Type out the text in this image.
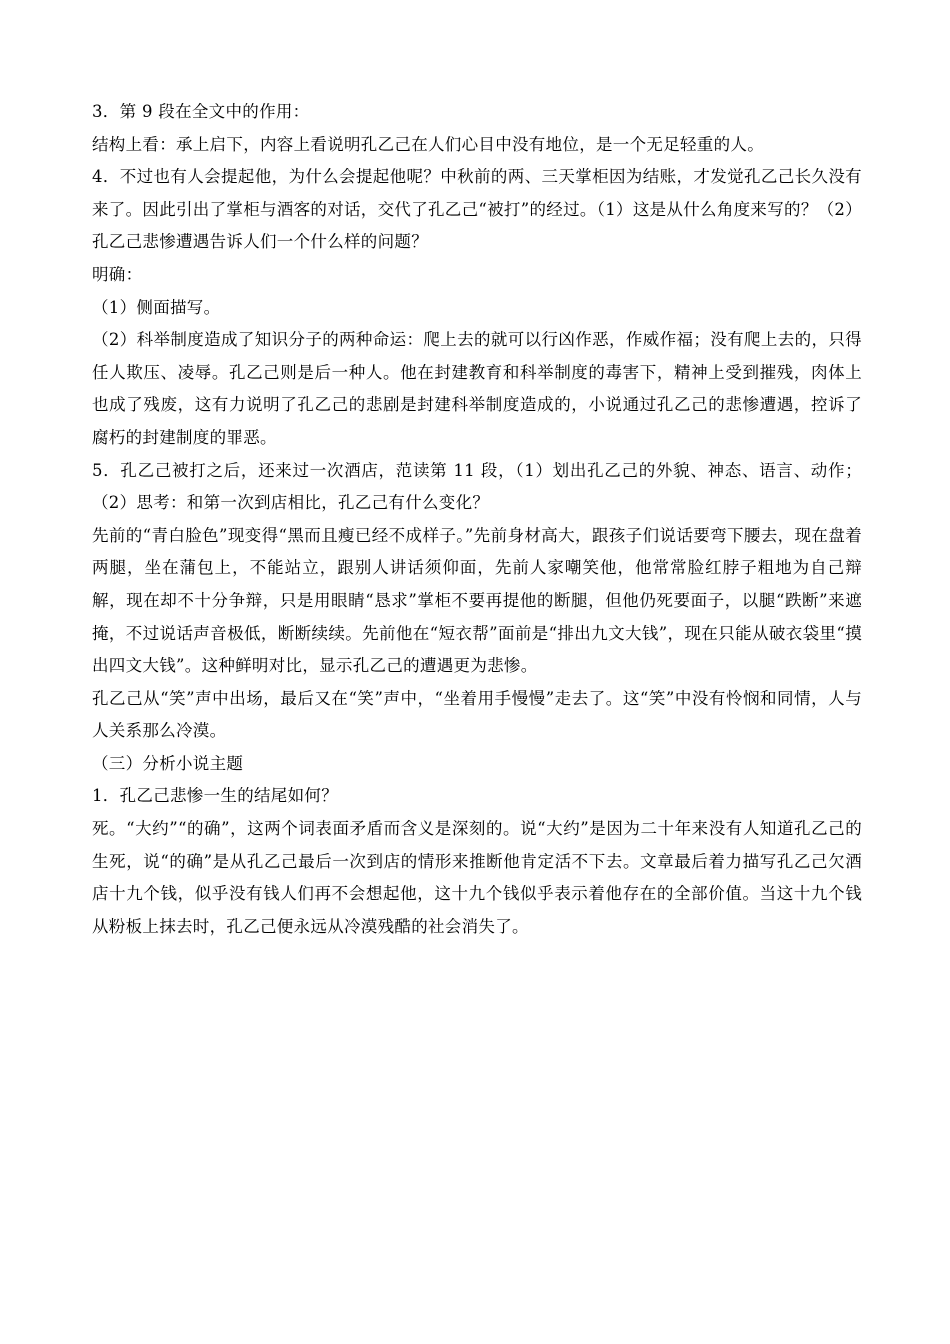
3．第 9 段在全文中的作用：

结构上看：承上启下，内容上看说明孔乙己在人们心目中没有地位，是一个无足轻重的人。

4．不过也有人会提起他，为什么会提起他呢？中秋前的两、三天掌柜因为结账，才发觉孔乙己长久没有来了。因此引出了掌柜与酒客的对话，交代了孔乙己“被打”的经过。（1）这是从什么角度来写的？（2）孔乙己悲惨遭遇告诉人们一个什么样的问题？

明确：

（1）侧面描写。

（2）科举制度造成了知识分子的两种命运：爬上去的就可以行凶作恶，作威作福；没有爬上去的，只得任人欺压、凌辱。孔乙己则是后一种人。他在封建教育和科举制度的毒害下，精神上受到摧残，肉体上也成了残废，这有力说明了孔乙己的悲剧是封建科举制度造成的，小说通过孔乙己的悲惨遭遇，控诉了腐朽的封建制度的罪恶。

5．孔乙己被打之后，还来过一次酒店，范读第 11 段，（1）划出孔乙己的外貌、神态、语言、动作；（2）思考：和第一次到店相比，孔乙己有什么变化？

先前的“青白脸色”现变得“黑而且瘦已经不成样子。”先前身材高大，跟孩子们说话要弯下腰去，现在盘着两腿，坐在蒲包上，不能站立，跟别人讲话须仰面，先前人家嘲笑他，他常常脸红脖子粗地为自己辩解，现在却不十分争辩，只是用眼睛“恳求”掌柜不要再提他的断腿，但他仍死要面子，以腿“跌断”来遮掩，不过说话声音极低，断断续续。先前他在“短衣帮”面前是“排出九文大钱”，现在只能从破衣袋里“摸出四文大钱”。这种鲜明对比，显示孔乙己的遭遇更为悲惨。

孔乙己从“笑”声中出场，最后又在“笑”声中，“坐着用手慢慢”走去了。这“笑”中没有怜悯和同情，人与人关系那么冷漠。

（三）分析小说主题

1．孔乙己悲惨一生的结尾如何？

死。“大约”“的确”，这两个词表面矛盾而含义是深刻的。说“大约”是因为二十年来没有人知道孔乙己的生死，说“的确”是从孔乙己最后一次到店的情形来推断他肯定活不下去。文章最后着力描写孔乙己欠酒店十九个钱，似乎没有钱人们再不会想起他，这十九个钱似乎表示着他存在的全部价值。当这十九个钱从粉板上抹去时，孔乙己便永远从冷漠残酷的社会消失了。
